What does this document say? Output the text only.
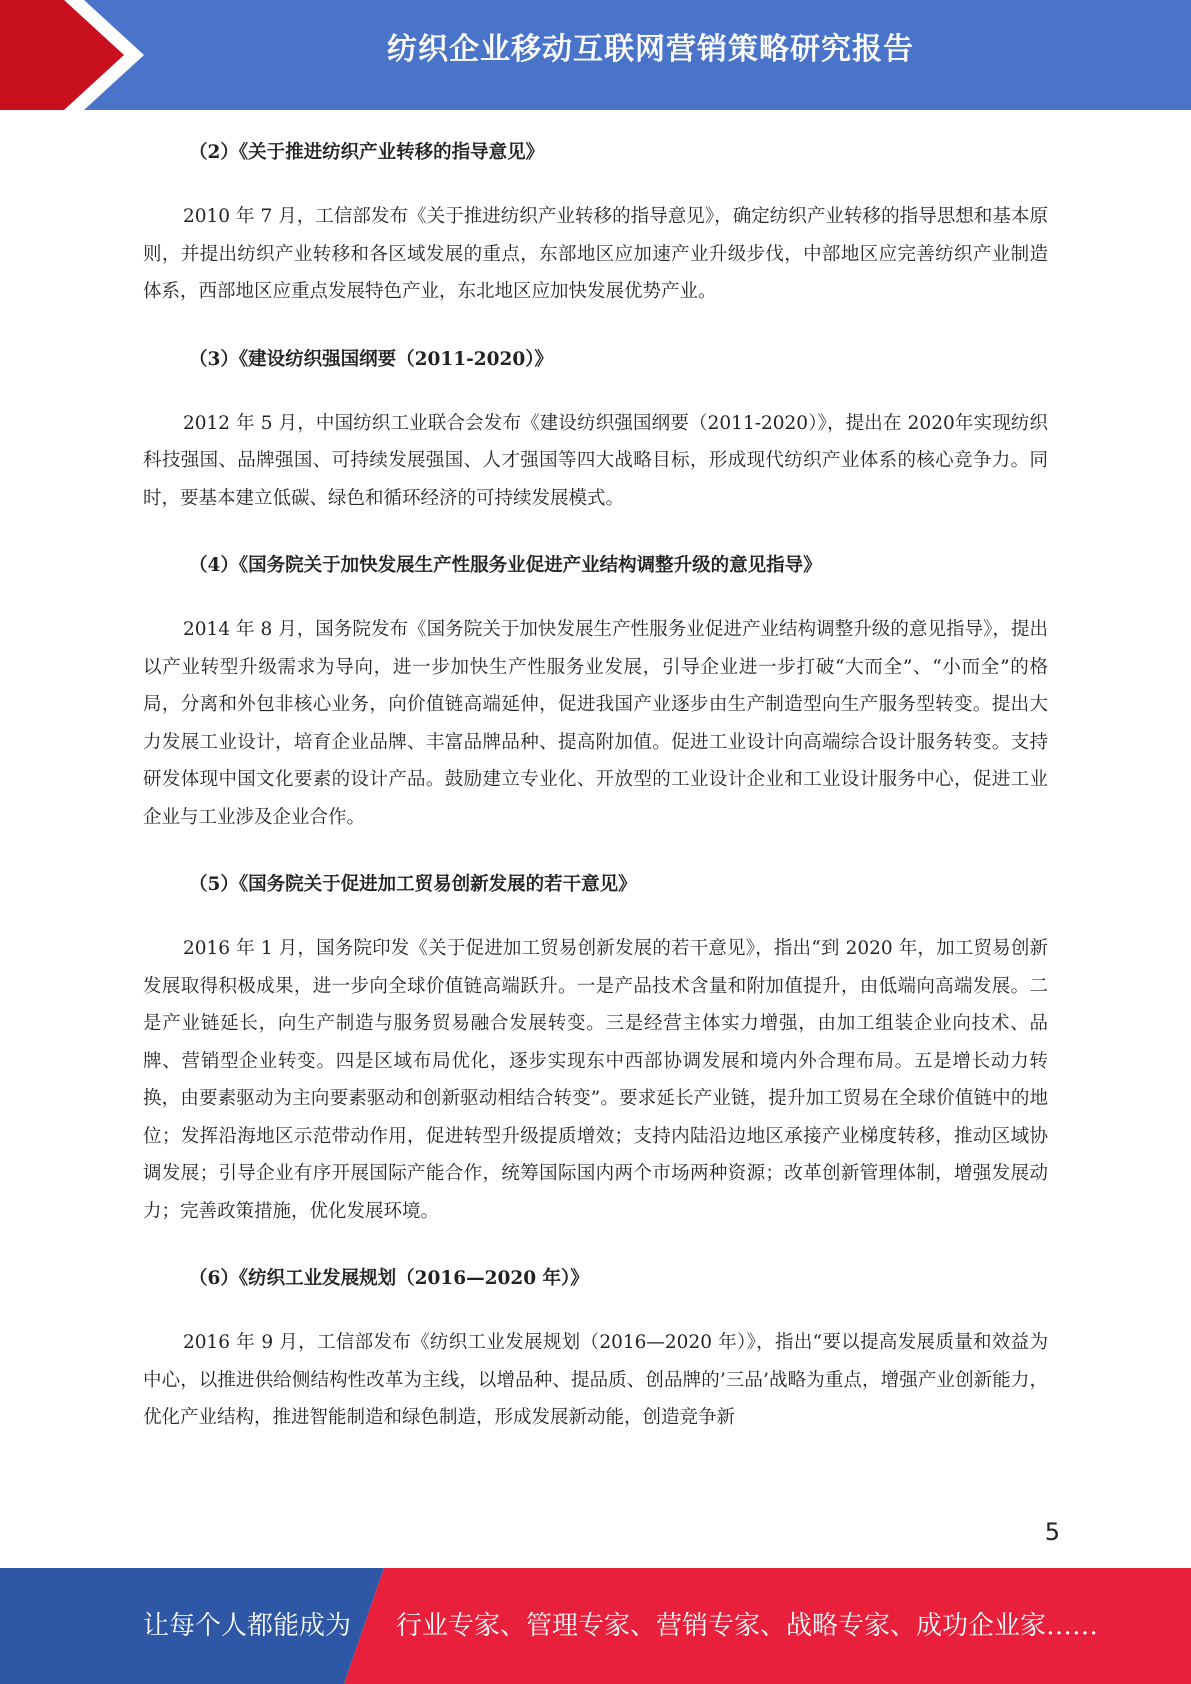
纺织企业移动互联网营销策略研究报告
（2）《关于推进纺织产业转移的指导意见》

2010 年 7 月，工信部发布《关于推进纺织产业转移的指导意见》，确定纺织产业转移的指导思想和基本原则，并提出纺织产业转移和各区域发展的重点，东部地区应加速产业升级步伐，中部地区应完善纺织产业制造体系，西部地区应重点发展特色产业，东北地区应加快发展优势产业。

（3）《建设纺织强国纲要（2011-2020）》

2012 年 5 月，中国纺织工业联合会发布《建设纺织强国纲要（2011-2020）》，提出在 2020年实现纺织科技强国、品牌强国、可持续发展强国、人才强国等四大战略目标，形成现代纺织产业体系的核心竞争力。同时，要基本建立低碳、绿色和循环经济的可持续发展模式。

（4）《国务院关于加快发展生产性服务业促进产业结构调整升级的意见指导》

2014 年 8 月，国务院发布《国务院关于加快发展生产性服务业促进产业结构调整升级的意见指导》，提出以产业转型升级需求为导向，进一步加快生产性服务业发展，引导企业进一步打破“大而全”、“小而全”的格局，分离和外包非核心业务，向价值链高端延伸，促进我国产业逐步由生产制造型向生产服务型转变。提出大力发展工业设计，培育企业品牌、丰富品牌品种、提高附加值。促进工业设计向高端综合设计服务转变。支持研发体现中国文化要素的设计产品。鼓励建立专业化、开放型的工业设计企业和工业设计服务中心，促进工业企业与工业涉及企业合作。

（5）《国务院关于促进加工贸易创新发展的若干意见》

2016 年 1 月，国务院印发《关于促进加工贸易创新发展的若干意见》，指出“到 2020 年，加工贸易创新发展取得积极成果，进一步向全球价值链高端跃升。一是产品技术含量和附加值提升，由低端向高端发展。二是产业链延长，向生产制造与服务贸易融合发展转变。三是经营主体实力增强，由加工组装企业向技术、品牌、营销型企业转变。四是区域布局优化，逐步实现东中西部协调发展和境内外合理布局。五是增长动力转换，由要素驱动为主向要素驱动和创新驱动相结合转变”。要求延长产业链，提升加工贸易在全球价值链中的地位；发挥沿海地区示范带动作用，促进转型升级提质增效；支持内陆沿边地区承接产业梯度转移，推动区域协调发展；引导企业有序开展国际产能合作，统筹国际国内两个市场两种资源；改革创新管理体制，增强发展动力；完善政策措施，优化发展环境。

（6）《纺织工业发展规划（2016—2020 年）》

2016 年 9 月，工信部发布《纺织工业发展规划（2016—2020 年）》，指出“要以提高发展质量和效益为中心，以推进供给侧结构性改革为主线，以增品种、提品质、创品牌的’三品’战略为重点，增强产业创新能力，优化产业结构，推进智能制造和绿色制造，形成发展新动能，创造竞争新

5
让每个人都能成为 行业专家、管理专家、营销专家、战略专家、成功企业家……
